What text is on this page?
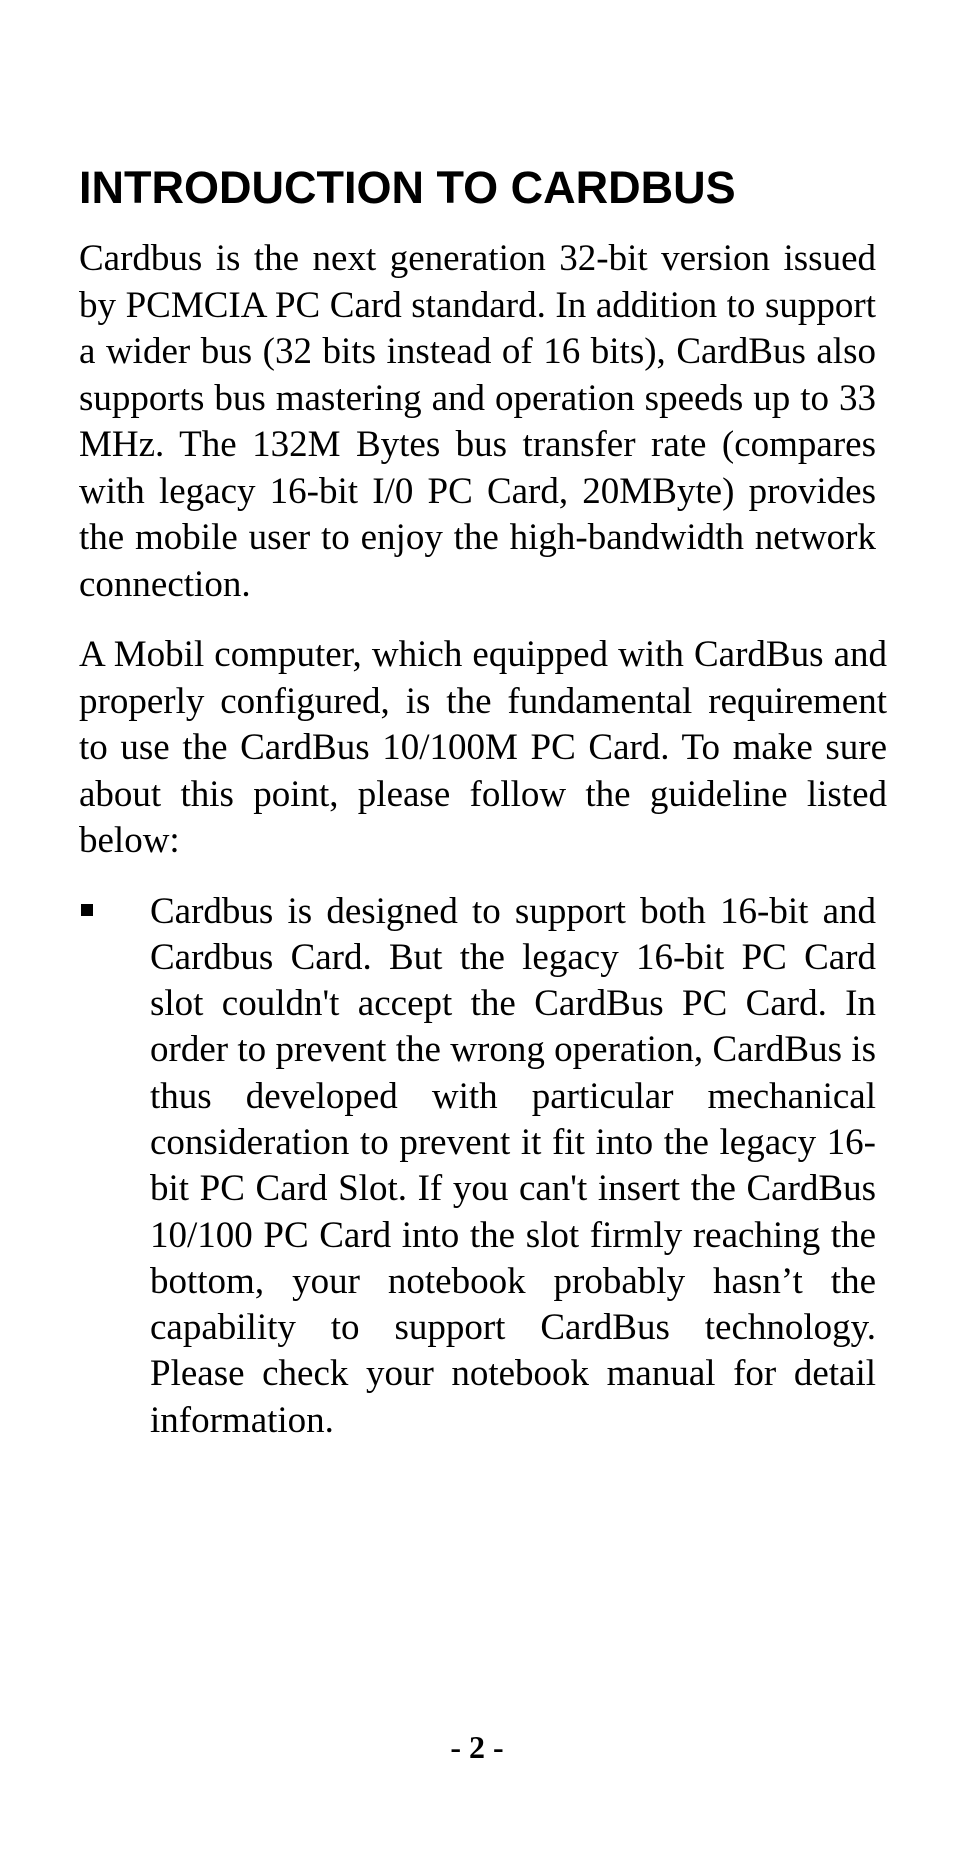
INTRODUCTION TO CARDBUS

Cardbus is the next generation 32-bit version issued by PCMCIA PC Card standard. In addition to support a wider bus (32 bits instead of 16 bits), CardBus also supports bus mastering and operation speeds up to 33 MHz. The 132M Bytes bus transfer rate (compares with legacy 16-bit I/0 PC Card, 20MByte) provides the mobile user to enjoy the high-bandwidth network connection.

A Mobil computer, which equipped with CardBus and properly configured, is the fundamental requirement to use the CardBus 10/100M PC Card. To make sure about this point, please follow the guideline listed below:

Cardbus is designed to support both 16-bit and Cardbus Card. But the legacy 16-bit PC Card slot couldn't accept the CardBus PC Card. In order to prevent the wrong operation, CardBus is thus developed with particular mechanical consideration to prevent it fit into the legacy 16-bit PC Card Slot. If you can't insert the CardBus 10/100 PC Card into the slot firmly reaching the bottom, your notebook probably hasn’t the capability to support CardBus technology. Please check your notebook manual for detail information.

- 2 -
